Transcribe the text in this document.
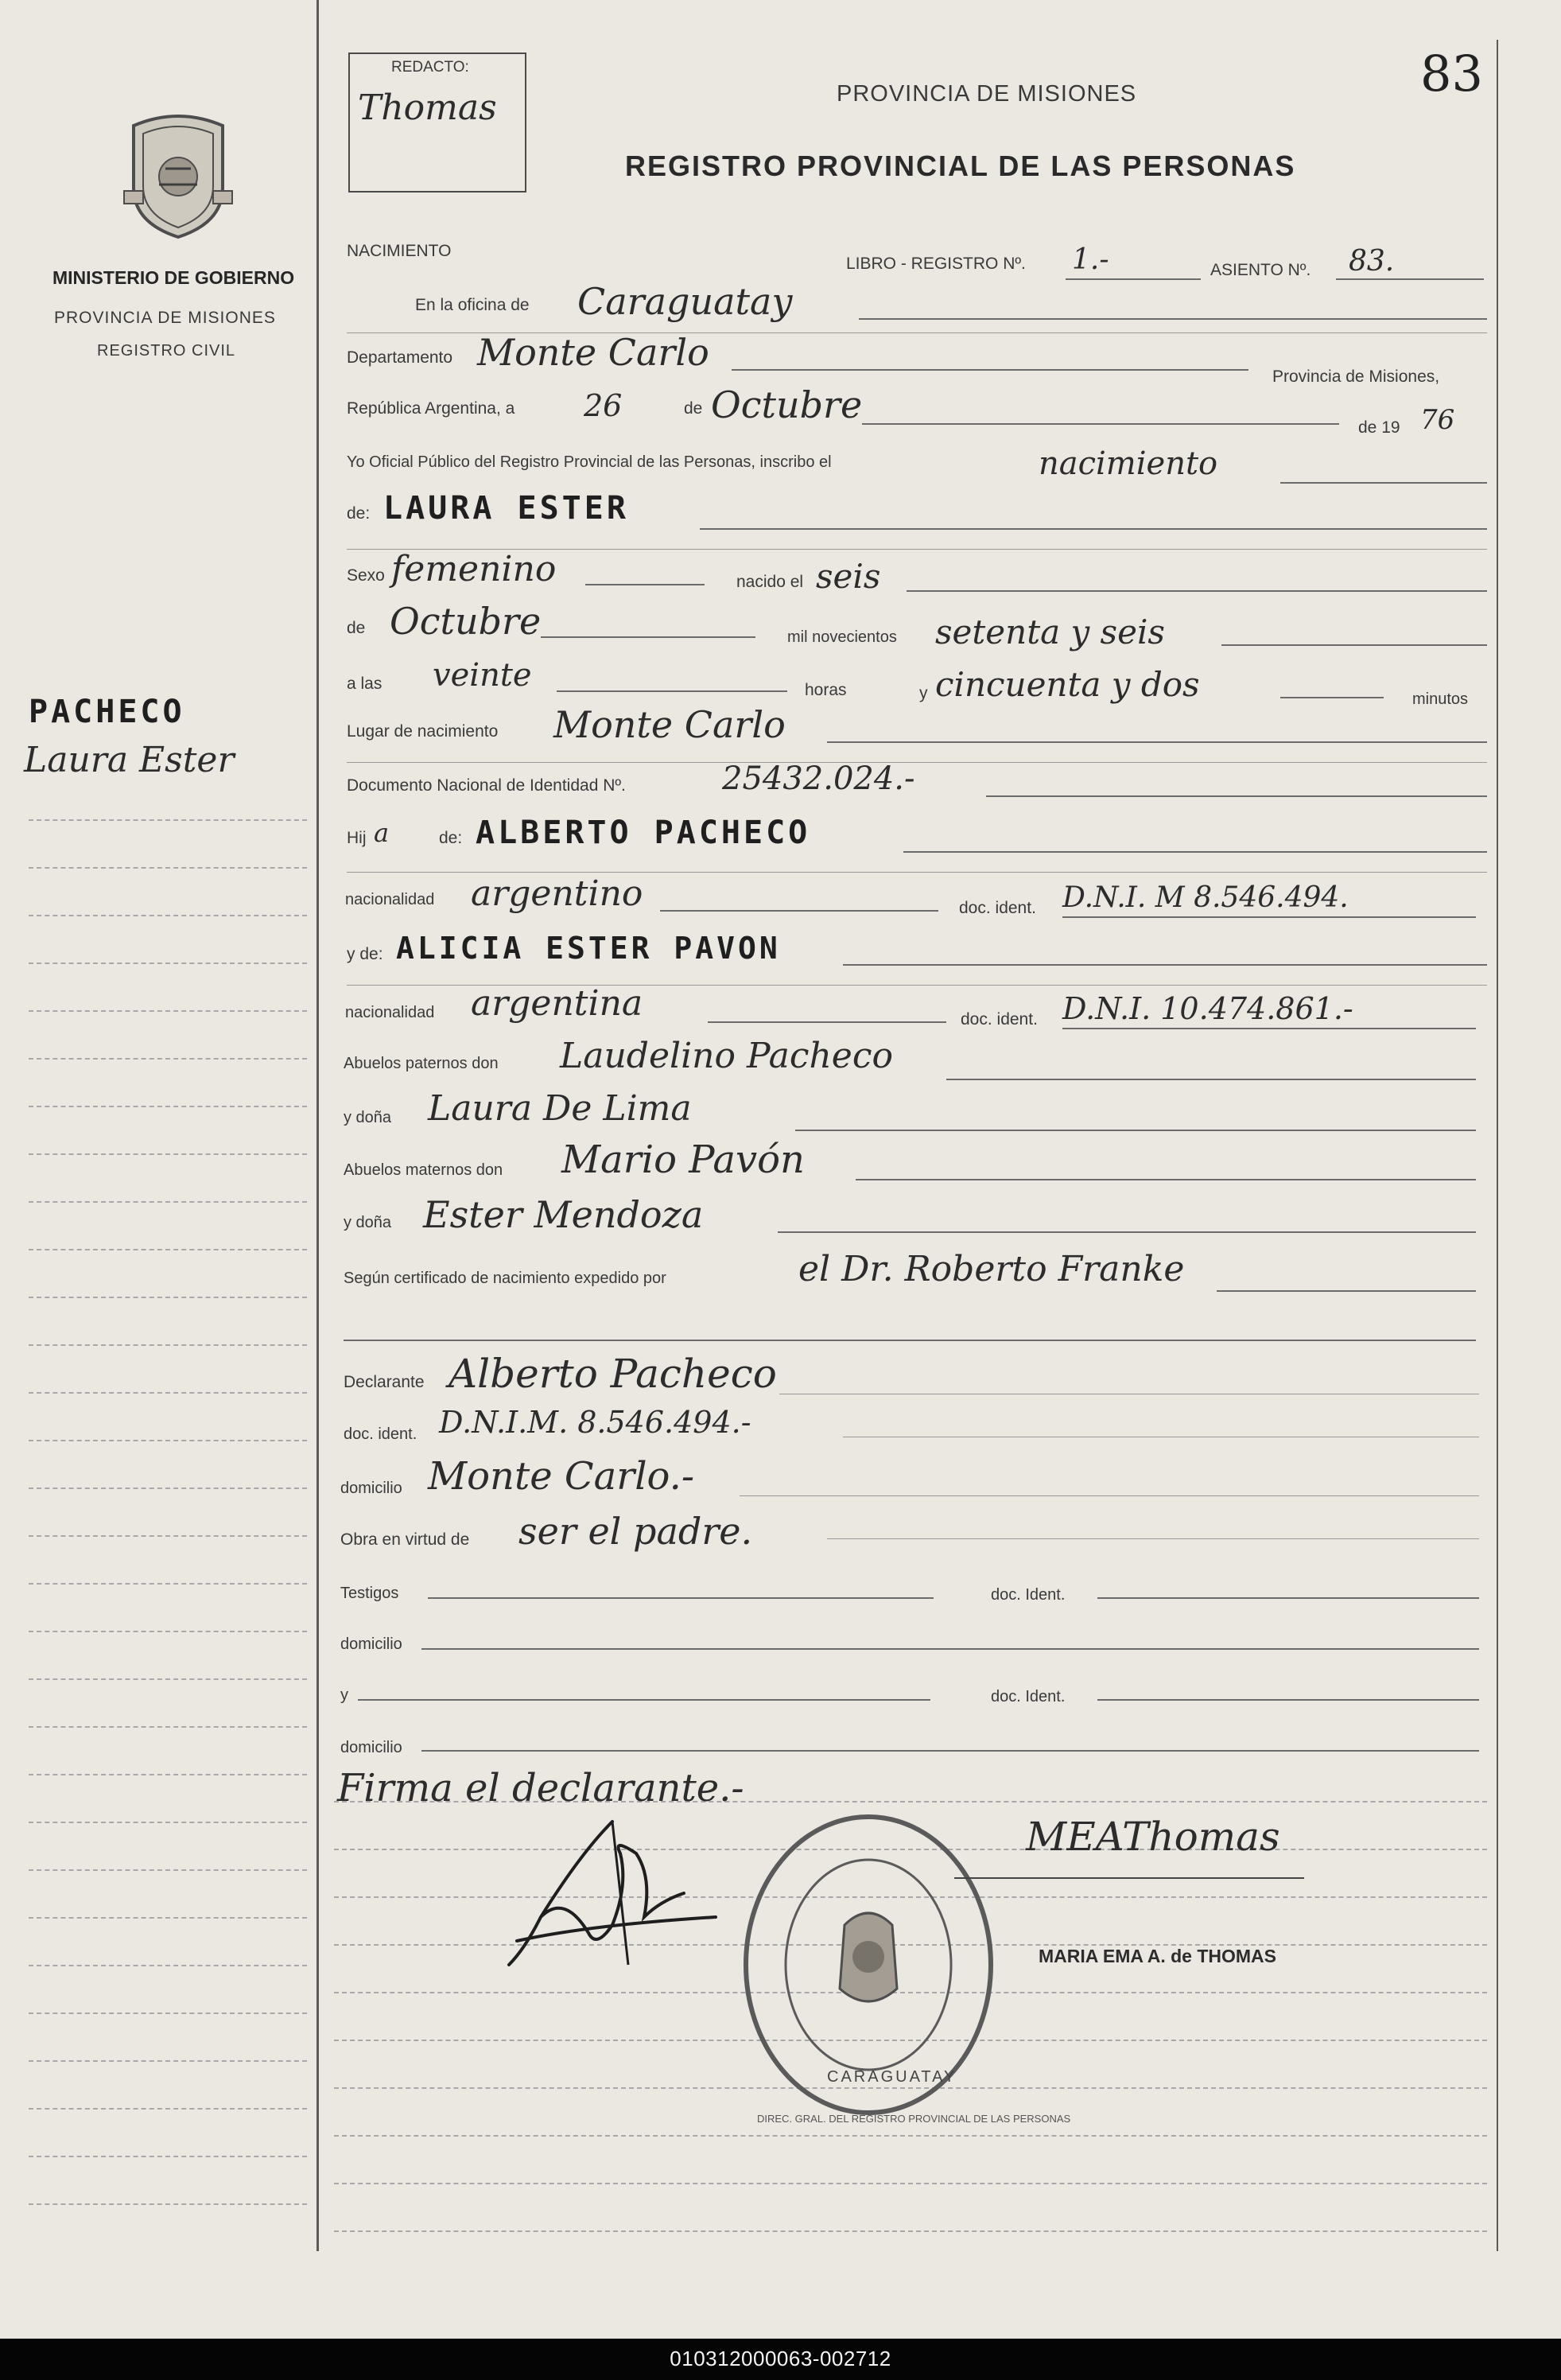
MINISTERIO DE GOBIERNO
PROVINCIA DE MISIONES
REGISTRO CIVIL
PACHECO
Laura Ester
REDACTO:
Thomas	PROVINCIA DE MISIONES
REGISTRO PROVINCIAL DE LAS PERSONAS
83
NACIMIENTO
LIBRO - REGISTRO Nº. 1.-	ASIENTO Nº. 83.
En la oficina de Caraguatay
Departamento Monte Carlo
Provincia de Misiones,
República Argentina, a 26	de Octubre
de 19 76
Yo Oficial Público del Registro Provincial de las Personas, inscribo el	nacimiento
de: LAURA ESTER
Sexo femenino	nacido el seis
de Octubre	mil novecientos setenta y seis
a las veinte	horas	y cincuenta y dos	minutos
Lugar de nacimiento Monte Carlo
Documento Nacional de Identidad Nº.	25432.024.-
Hij a	de: ALBERTO PACHECO
nacionalidad argentino	doc. ident. D.N.I. M 8.546.494.
y de: ALICIA ESTER PAVON
nacionalidad argentina	doc. ident. D.N.I. 10.474.861.-
Abuelos paternos don Laudelino Pacheco
y doña Laura De Lima
Abuelos maternos don Mario Pavón
y doña Ester Mendoza
Según certificado de nacimiento expedido por	el Dr. Roberto Franke
Declarante Alberto Pacheco
doc. ident. D.N.I.M. 8.546.494.-
domicilio Monte Carlo.-
Obra en virtud de ser el padre.
Testigos	doc. Ident.
domicilio
y	doc. Ident.
domicilio
Firma el declarante.-
DIREC. GRAL. DEL REGISTRO PROVINCIAL DE LAS PERSONAS
CARAGUATAY
MEAThomas
MARIA EMA A. de THOMAS
010312000063-002712
